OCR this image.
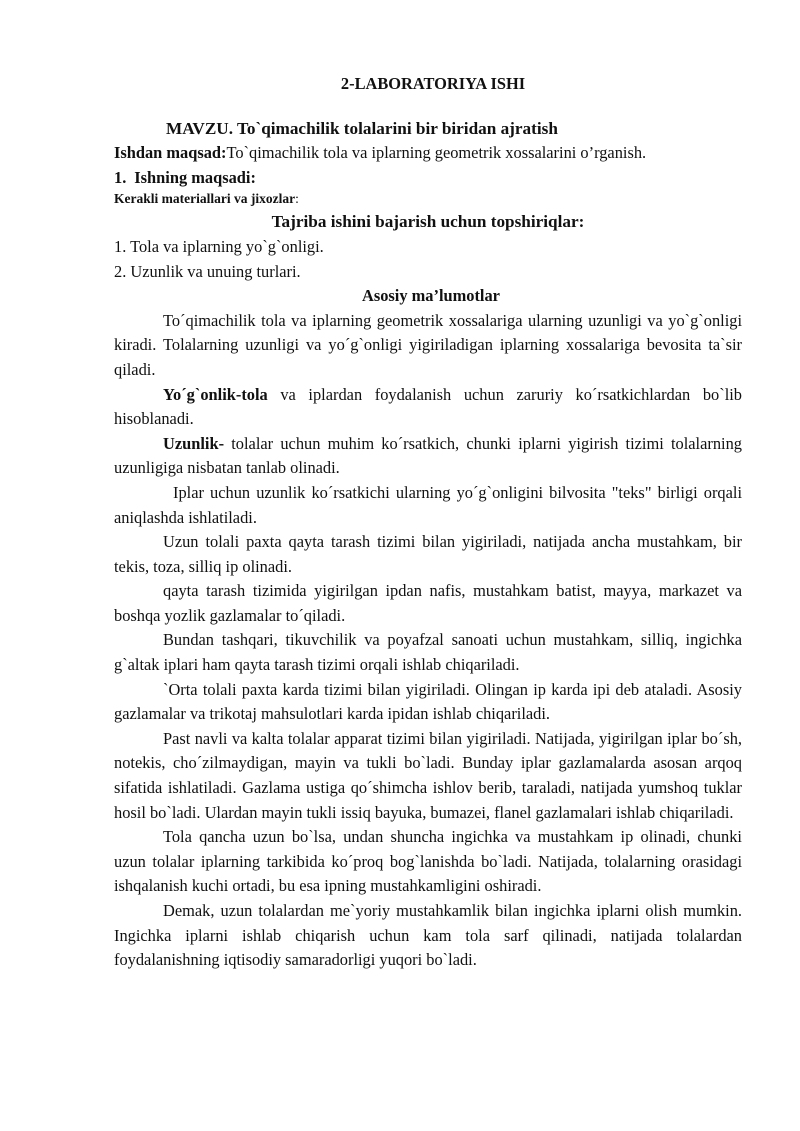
2-LABORATORIYA ISHI

MAVZU. To`qimachilik tolalarini bir biridan ajratish

Ishdan maqsad:To`qimachilik tola va iplarning geometrik xossalarini o’rganish.

1. Ishning maqsadi:

Kerakli materiallari va jixozlar:

Tajriba ishini bajarish uchun topshiriqlar:

1. Tola va iplarning yo`g`onligi.

2. Uzunlik va unuing turlari.

Asosiy ma’lumotlar

To´qimachilik tola va iplarning geometrik xossalariga ularning uzunligi va yo`g`onligi kiradi. Tolalarning uzunligi va yo´g`onligi yigiriladigan iplarning xossalariga bevosita ta`sir qiladi.

Yo´g`onlik-tola va iplardan foydalanish uchun zaruriy ko´rsatkichlardan bo`lib hisoblanadi.

Uzunlik- tolalar uchun muhim ko´rsatkich, chunki iplarni yigirish tizimi tolalarning uzunligiga nisbatan tanlab olinadi.

Iplar uchun uzunlik ko´rsatkichi ularning yo´g`onligini bilvosita "teks" birligi orqali aniqlashda ishlatiladi.

Uzun tolali paxta qayta tarash tizimi bilan yigiriladi, natijada ancha mustahkam, bir tekis, toza, silliq ip olinadi.

qayta tarash tizimida yigirilgan ipdan nafis, mustahkam batist, mayya, markazet va boshqa yozlik gazlamalar to´qiladi.

Bundan tashqari, tikuvchilik va poyafzal sanoati uchun mustahkam, silliq, ingichka g`altak iplari ham qayta tarash tizimi orqali ishlab chiqariladi.

`Orta tolali paxta karda tizimi bilan yigiriladi. Olingan ip karda ipi deb ataladi. Asosiy gazlamalar va trikotaj mahsulotlari karda ipidan ishlab chiqariladi.

Past navli va kalta tolalar apparat tizimi bilan yigiriladi. Natijada, yigirilgan iplar bo´sh, notekis, cho´zilmaydigan, mayin va tukli bo`ladi. Bunday iplar gazlamalarda asosan arqoq sifatida ishlatiladi. Gazlama ustiga qo´shimcha ishlov berib, taraladi, natijada yumshoq tuklar hosil bo`ladi. Ulardan mayin tukli issiq bayuka, bumazei, flanel gazlamalari ishlab chiqariladi.

Tola qancha uzun bo`lsa, undan shuncha ingichka va mustahkam ip olinadi, chunki uzun tolalar iplarning tarkibida ko´proq bog`lanishda bo`ladi. Natijada, tolalarning orasidagi ishqalanish kuchi ortadi, bu esa ipning mustahkamligini oshiradi.

Demak, uzun tolalardan me`yoriy mustahkamlik bilan ingichka iplarni olish mumkin. Ingichka iplarni ishlab chiqarish uchun kam tola sarf qilinadi, natijada tolalardan foydalanishning iqtisodiy samaradorligi yuqori bo`ladi.
